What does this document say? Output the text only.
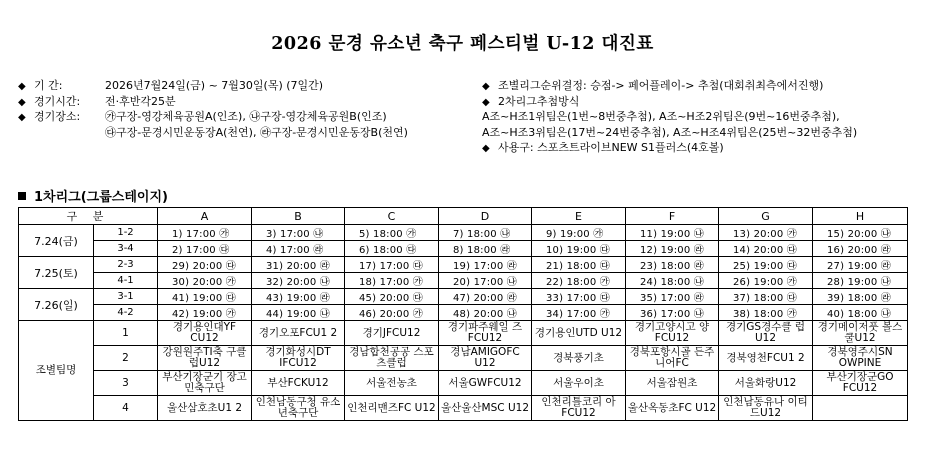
2026 문경 유소년 축구 페스티벌 U-12 대진표
◆ 기 간:	2026년7월24일(금) ~ 7월30일(목) (7일간)
◆ 경기시간: 전·후반각25분
◆ 경기장소: ㉮구장-영강체육공원A(인조), ㉯구장-영강체육공원B(인조)
㉰구장-문경시민운동장A(천연), ㉱구장-문경시민운동장B(천연)
◆ 조별리그순위결정: 승점-> 페어플레이-> 추첨(대회취최측에서진행)
◆ 2차리그추첨방식
A조~H조1위팀은(1번~8번중추첨), A조~H조2위팀은(9번~16번중추첨),
A조~H조3위팀은(17번~24번중추첨), A조~H조4위팀은(25번~32번중추첨)
◆ 사용구: 스포츠트라이브NEW S1플러스(4호볼)
1차리그(그룹스테이지)
구 분		A	B	C	D	E	F	G	H
7.24(금)	1-2	1) 17:00 ㉮	3) 17:00 ㉯	5) 18:00 ㉮	7) 18:00 ㉯	9) 19:00 ㉮	11) 19:00 ㉯	13) 20:00 ㉮	15) 20:00 ㉯
	3-4	2) 17:00 ㉰	4) 17:00 ㉱	6) 18:00 ㉰	8) 18:00 ㉱	10) 19:00 ㉰	12) 19:00 ㉱	14) 20:00 ㉰	16) 20:00 ㉱
7.25(토)	2-3	29) 20:00 ㉰	31) 20:00 ㉱	17) 17:00 ㉰	19) 17:00 ㉱	21) 18:00 ㉰	23) 18:00 ㉱	25) 19:00 ㉰	27) 19:00 ㉱
	4-1	30) 20:00 ㉮	32) 20:00 ㉯	18) 17:00 ㉮	20) 17:00 ㉯	22) 18:00 ㉮	24) 18:00 ㉯	26) 19:00 ㉮	28) 19:00 ㉯
7.26(일)	3-1	41) 19:00 ㉰	43) 19:00 ㉱	45) 20:00 ㉰	47) 20:00 ㉱	33) 17:00 ㉰	35) 17:00 ㉱	37) 18:00 ㉰	39) 18:00 ㉱
	4-2	42) 19:00 ㉮	44) 19:00 ㉯	46) 20:00 ㉮	48) 20:00 ㉯	34) 17:00 ㉮	36) 17:00 ㉯	38) 18:00 ㉮	40) 18:00 ㉯
조별팀명	1	경기용인대YF CU12	경기오포FCU1 2	경기JFCU12	경기파주웨일 즈FCU12	경기용인UTD U12	경기고양시고 양FCU12	경기GS경수클 럽U12	경기메이저풋 볼스쿨U12
	2	강원원주TI축 구클럽U12	경기화성시DT IFCU12	경남합천공공 스포츠클럽	경남AMIGOFC U12	경북풍기초	경북포항시골 든주니어FC	경북영천FCU1 2	경북영주시SN OWPINE
	3	부산기장군기 장고민축구단	부산FCKU12	서울전농초	서울GWFCU12	서울우이초	서울잠원초	서울화랑U12	부산기장군GO FCU12
	4	울산삼호초U1 2	인천남동구청 유소년축구단	인천리맨즈FC U12	울산울산MSC U12	인천리틀코리 아FCU12	울산옥동초FC U12	인천남동유나 이티드U12	
